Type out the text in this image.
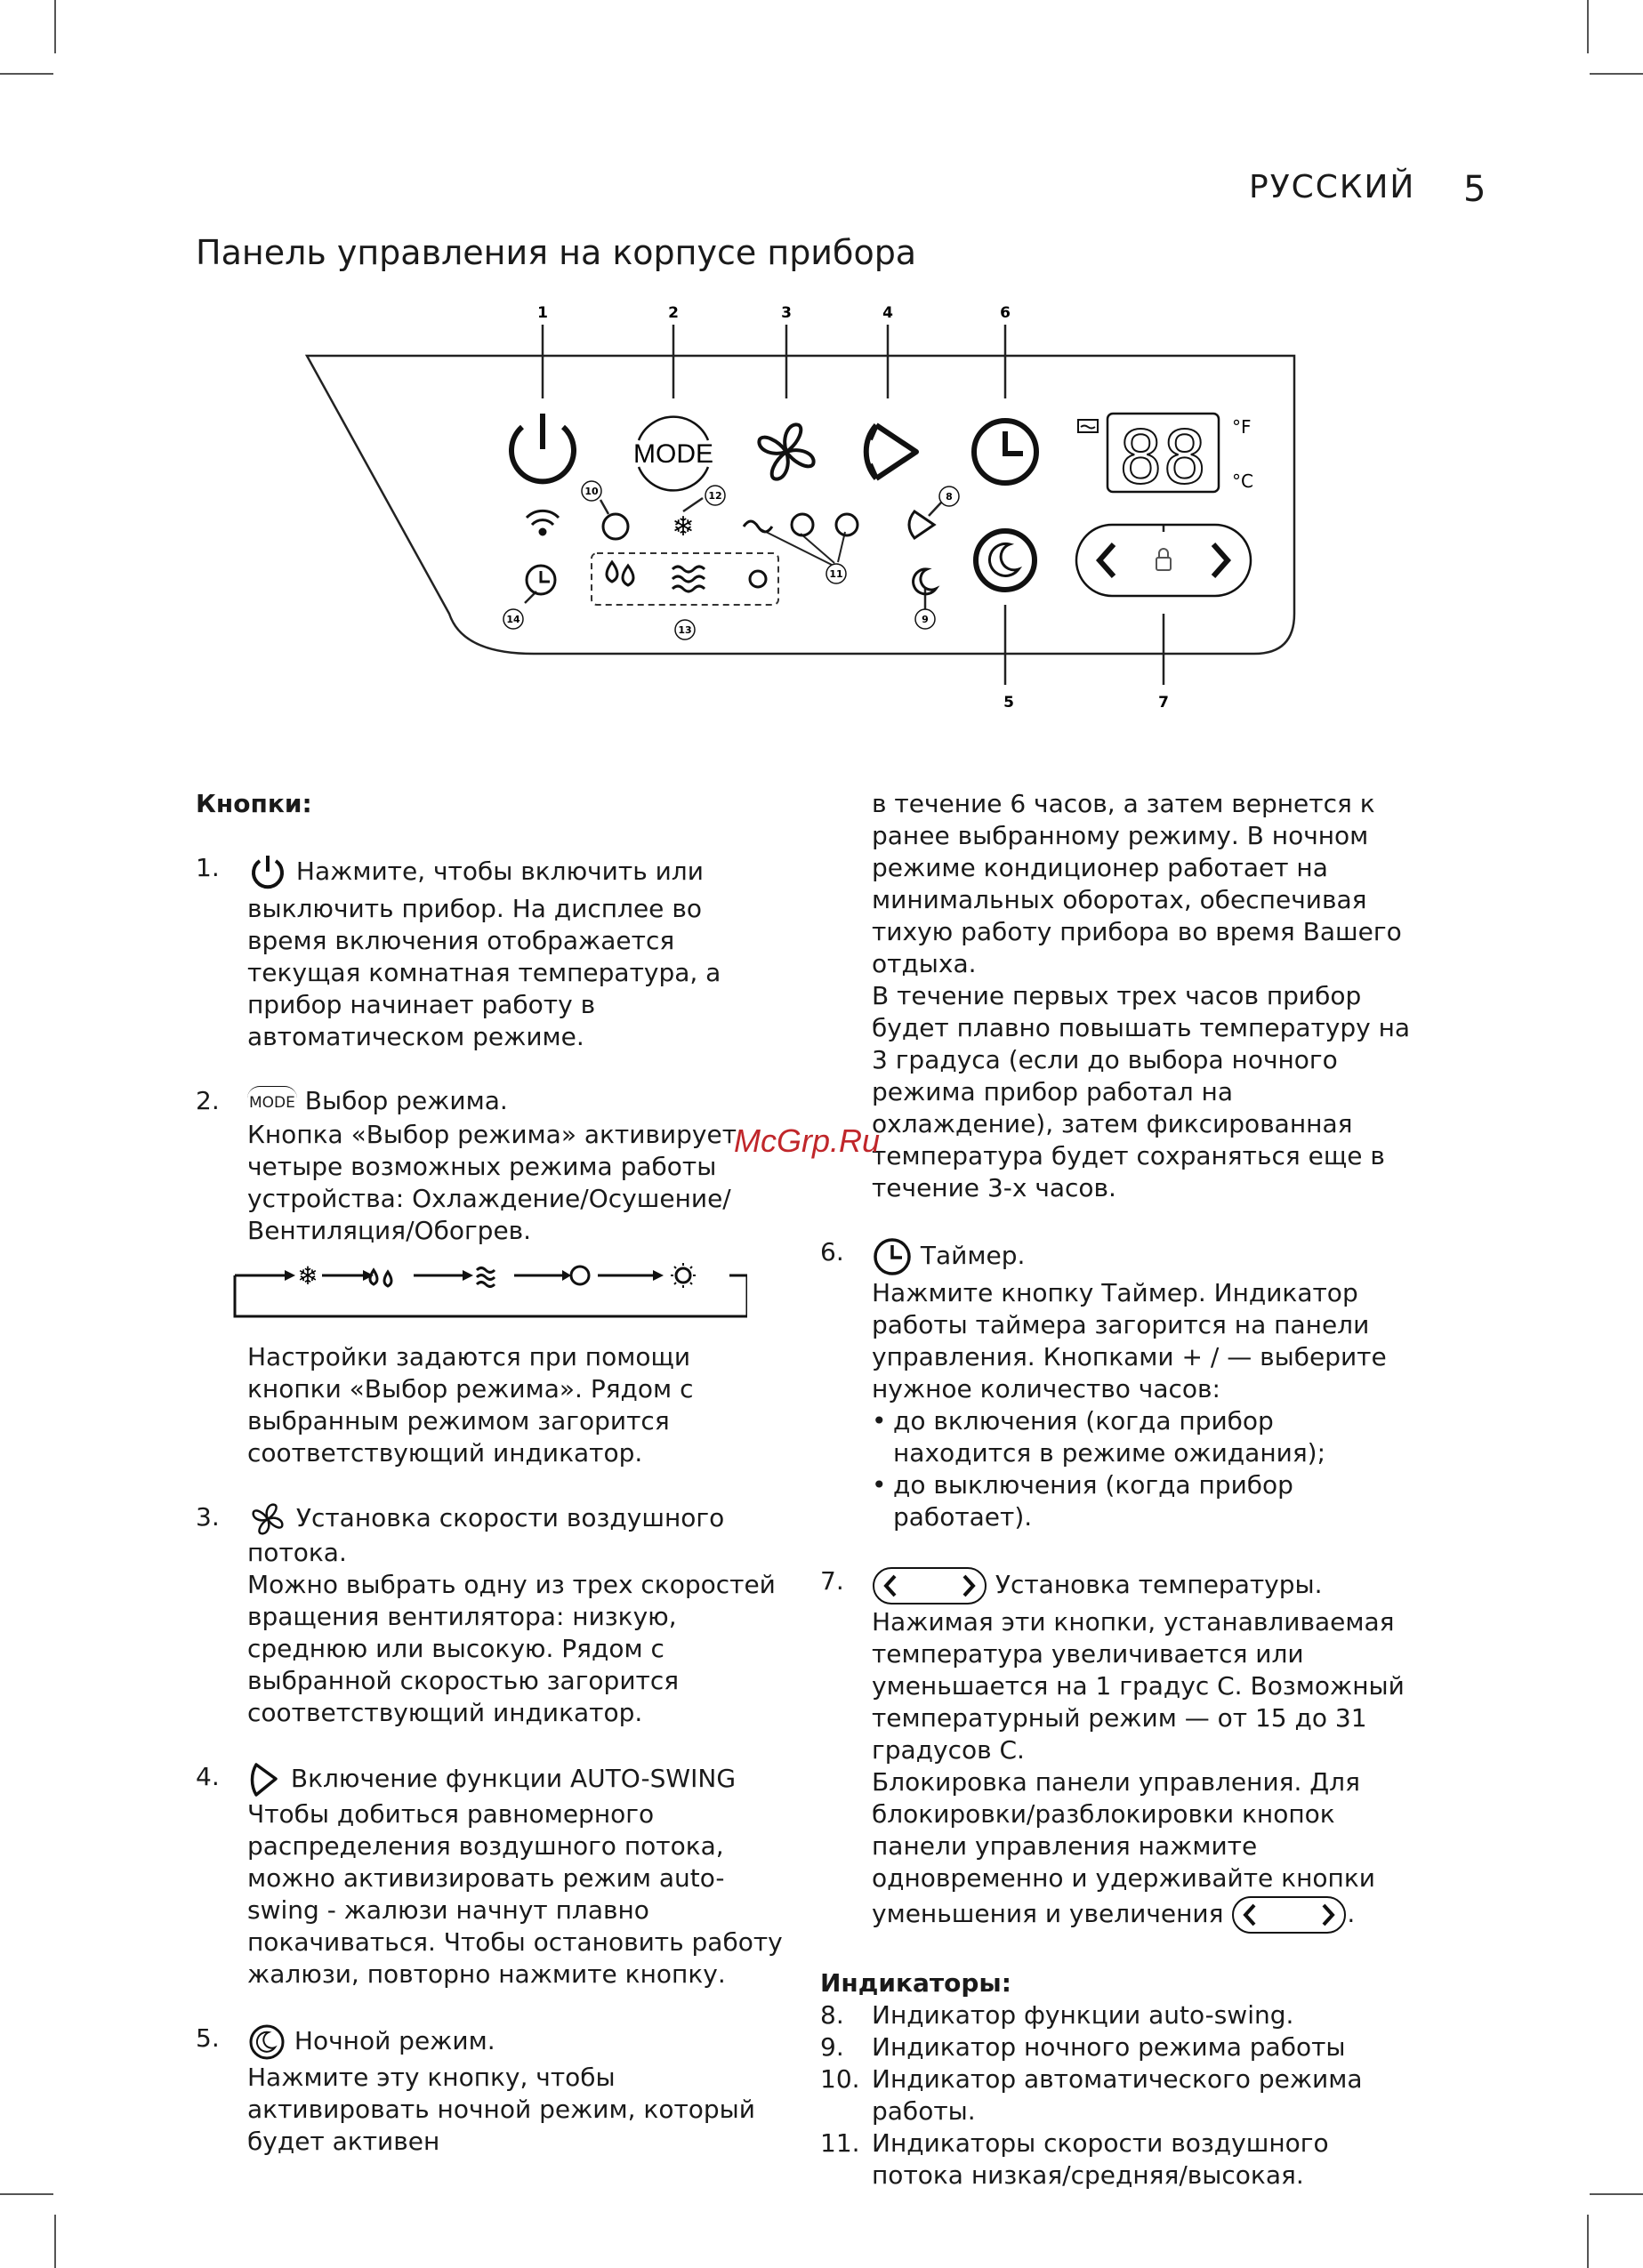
РУССКИЙ 5
Панель управления на корпусе прибора
MODE	88 °F
°C
❄
1	2	3	4	6
5	7
10	12
11
8
9
14
13

Кнопки:

1.	Нажмите, чтобы включить или выключить прибор. На дисплее во время включения отображается текущая комнатная температура, а прибор начинает работу в автоматическом режиме.
2. MODE Выбор режима.

Кнопка «Выбор режима» активирует четыре возможных режима работы устройства: Охлаждение/Осушение/Вентиляция/Обогрев.

❄

Настройки задаются при помощи кнопки «Выбор режима». Рядом с выбранным режимом загорится соответствующий индикатор.

3.	Установка скорости воздушного потока.

Можно выбрать одну из трех скоростей вращения вентилятора: низкую, среднюю или высокую. Рядом с выбранной скоростью загорится соответствующий индикатор.

4.	Включение функции AUTO-SWING

Чтобы добиться равномерного распределения воздушного потока, можно активизировать режим auto-swing - жалюзи начнут плавно покачиваться. Чтобы остановить работу жалюзи, повторно нажмите кнопку.

5.	Ночной режим.

Нажмите эту кнопку, чтобы активировать ночной режим, который будет активен

в течение 6 часов, а затем вернется к ранее выбранному режиму. В ночном режиме кондиционер работает на минимальных оборотах, обеспечивая тихую работу прибора во время Вашего отдыха.

В течение первых трех часов прибор будет плавно повышать температуру на 3 градуса (если до выбора ночного режима прибор работал на охлаждение), затем фиксированная температура будет сохраняться еще в течение 3-х часов.

6.	Таймер.

Нажмите кнопку Таймер. Индикатор работы таймера загорится на панели управления. Кнопками + / — выберите нужное количество часов:

• до включения (когда прибор находится в режиме ожидания);

• до выключения (когда прибор работает).

7.	Установка температуры.

Нажимая эти кнопки, устанавливаемая температура увеличивается или уменьшается на 1 градус С. Возможный температурный режим — от 15 до 31 градусов С.

Блокировка панели управления. Для блокировки/разблокировки кнопок панели управления нажмите одновременно и удерживайте кнопки уменьшения и увеличения	.

Индикаторы:

8. Индикатор функции auto-swing.
9. Индикатор ночного режима работы
10. Индикатор автоматического режима работы.
11. Индикаторы скорости воздушного потока низкая/средняя/высокая.
McGrp.Ru
